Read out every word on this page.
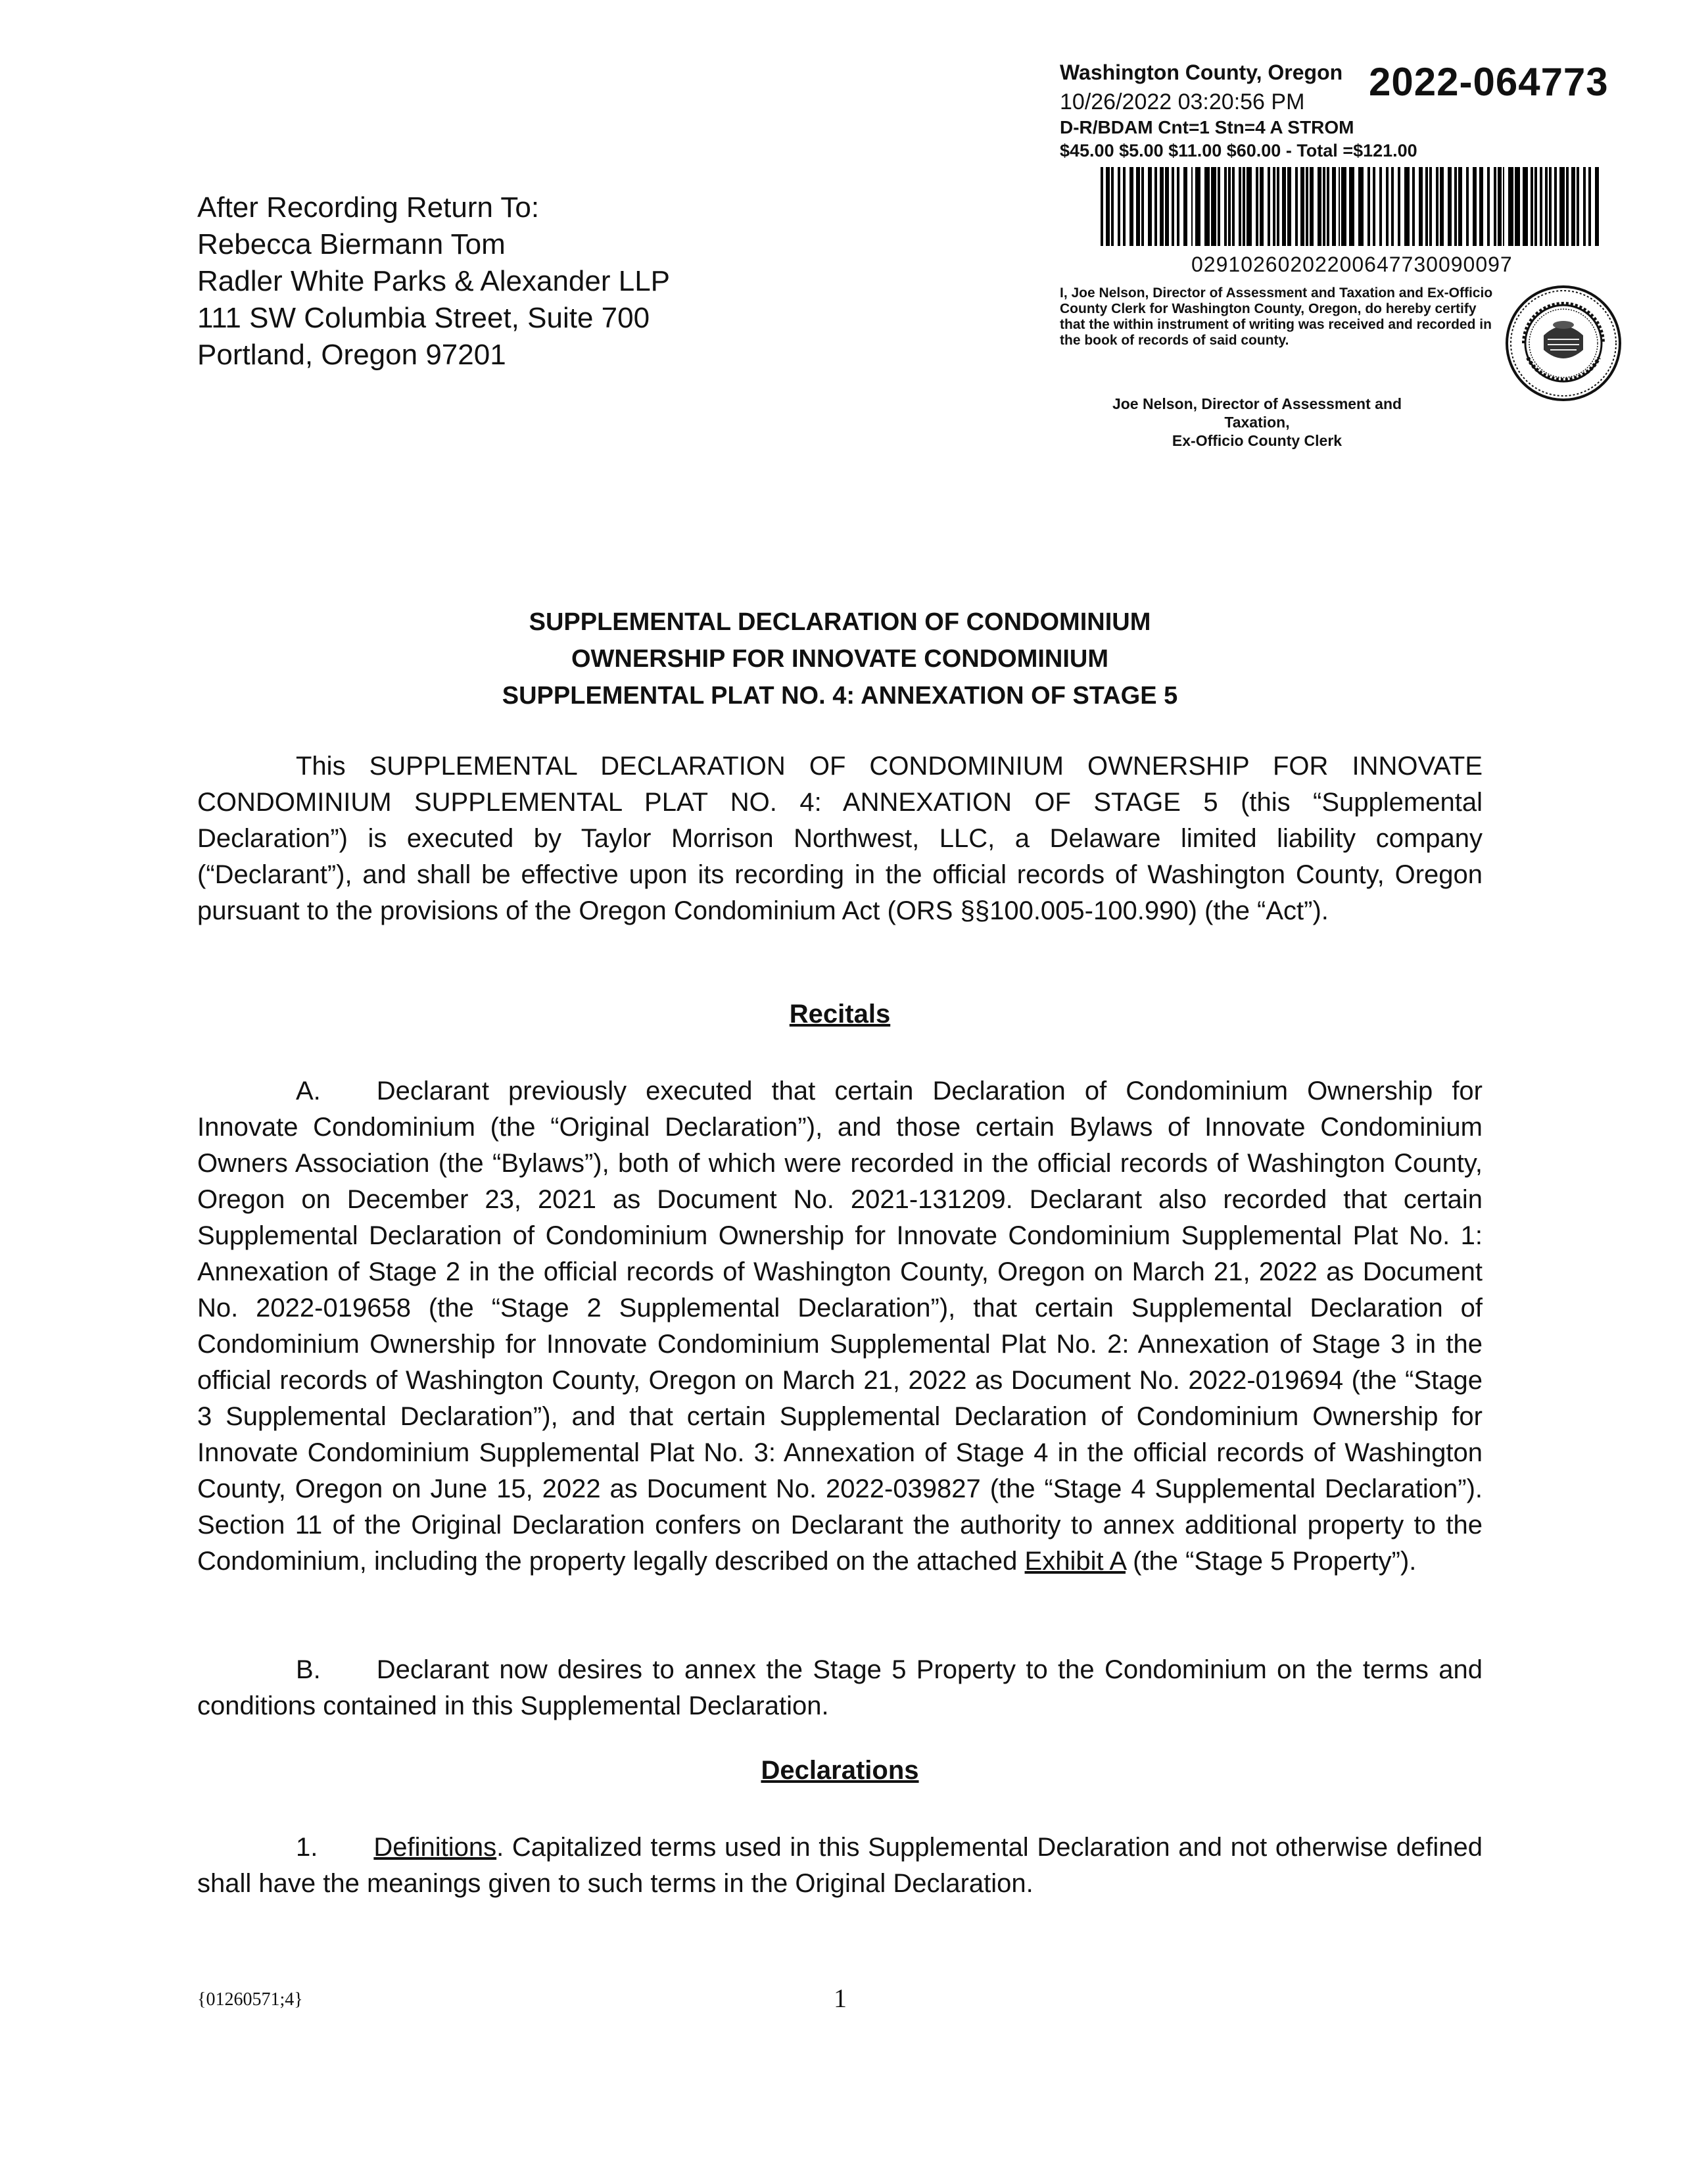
After Recording Return To:
Rebecca Biermann Tom
Radler White Parks & Alexander LLP
111 SW Columbia Street, Suite 700
Portland, Oregon 97201
Washington County, Oregon 2022-064773
10/26/2022 03:20:56 PM
D-R/BDAM Cnt=1 Stn=4 A STROM
$45.00 $5.00 $11.00 $60.00 - Total =$121.00
02910260202200647730090097
I, Joe Nelson, Director of Assessment and Taxation and Ex-Officio County Clerk for Washington County, Oregon, do hereby certify that the within instrument of writing was received and recorded in the book of records of said county.
Joe Nelson, Director of Assessment and Taxation,
Ex-Officio County Clerk
SUPPLEMENTAL DECLARATION OF CONDOMINIUM
OWNERSHIP FOR INNOVATE CONDOMINIUM
SUPPLEMENTAL PLAT NO. 4: ANNEXATION OF STAGE 5
This SUPPLEMENTAL DECLARATION OF CONDOMINIUM OWNERSHIP FOR INNOVATE CONDOMINIUM SUPPLEMENTAL PLAT NO. 4: ANNEXATION OF STAGE 5 (this “Supplemental Declaration”) is executed by Taylor Morrison Northwest, LLC, a Delaware limited liability company (“Declarant”), and shall be effective upon its recording in the official records of Washington County, Oregon pursuant to the provisions of the Oregon Condominium Act (ORS §§100.005-100.990) (the “Act”).
Recitals
A. Declarant previously executed that certain Declaration of Condominium Ownership for Innovate Condominium (the “Original Declaration”), and those certain Bylaws of Innovate Condominium Owners Association (the “Bylaws”), both of which were recorded in the official records of Washington County, Oregon on December 23, 2021 as Document No. 2021-131209. Declarant also recorded that certain Supplemental Declaration of Condominium Ownership for Innovate Condominium Supplemental Plat No. 1: Annexation of Stage 2 in the official records of Washington County, Oregon on March 21, 2022 as Document No. 2022-019658 (the “Stage 2 Supplemental Declaration”), that certain Supplemental Declaration of Condominium Ownership for Innovate Condominium Supplemental Plat No. 2: Annexation of Stage 3 in the official records of Washington County, Oregon on March 21, 2022 as Document No. 2022-019694 (the “Stage 3 Supplemental Declaration”), and that certain Supplemental Declaration of Condominium Ownership for Innovate Condominium Supplemental Plat No. 3: Annexation of Stage 4 in the official records of Washington County, Oregon on June 15, 2022 as Document No. 2022-039827 (the “Stage 4 Supplemental Declaration”). Section 11 of the Original Declaration confers on Declarant the authority to annex additional property to the Condominium, including the property legally described on the attached Exhibit A (the “Stage 5 Property”).
B. Declarant now desires to annex the Stage 5 Property to the Condominium on the terms and conditions contained in this Supplemental Declaration.
Declarations
1. Definitions. Capitalized terms used in this Supplemental Declaration and not otherwise defined shall have the meanings given to such terms in the Original Declaration.
{01260571;4}	1
